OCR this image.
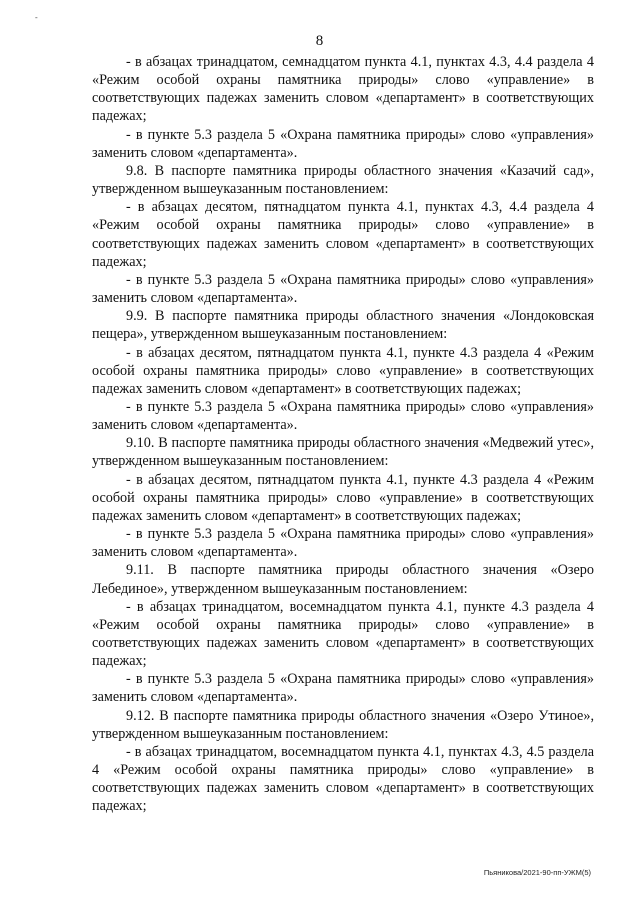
-
8

- в абзацах тринадцатом, семнадцатом пункта 4.1, пунктах 4.3, 4.4 раздела 4 «Режим особой охраны памятника природы» слово «управление» в соответствующих падежах заменить словом «департамент» в соответствующих падежах;

- в пункте 5.3 раздела 5 «Охрана памятника природы» слово «управления» заменить словом «департамента».

9.8. В паспорте памятника природы областного значения «Казачий сад», утвержденном вышеуказанным постановлением:

- в абзацах десятом, пятнадцатом пункта 4.1, пунктах 4.3, 4.4 раздела 4 «Режим особой охраны памятника природы» слово «управление» в соответствующих падежах заменить словом «департамент» в соответствующих падежах;

- в пункте 5.3 раздела 5 «Охрана памятника природы» слово «управления» заменить словом «департамента».

9.9. В паспорте памятника природы областного значения «Лондоковская пещера», утвержденном вышеуказанным постановлением:

- в абзацах десятом, пятнадцатом пункта 4.1, пункте 4.3 раздела 4 «Режим особой охраны памятника природы» слово «управление» в соответствующих падежах заменить словом «департамент» в соответствующих падежах;

- в пункте 5.3 раздела 5 «Охрана памятника природы» слово «управления» заменить словом «департамента».

9.10. В паспорте памятника природы областного значения «Медвежий утес», утвержденном вышеуказанным постановлением:

- в абзацах десятом, пятнадцатом пункта 4.1, пункте 4.3 раздела 4 «Режим особой охраны памятника природы» слово «управление» в соответствующих падежах заменить словом «департамент» в соответствующих падежах;

- в пункте 5.3 раздела 5 «Охрана памятника природы» слово «управления» заменить словом «департамента».

9.11. В паспорте памятника природы областного значения «Озеро Лебединое», утвержденном вышеуказанным постановлением:

- в абзацах тринадцатом, восемнадцатом пункта 4.1, пункте 4.3 раздела 4 «Режим особой охраны памятника природы» слово «управление» в соответствующих падежах заменить словом «департамент» в соответствующих падежах;

- в пункте 5.3 раздела 5 «Охрана памятника природы» слово «управления» заменить словом «департамента».

9.12. В паспорте памятника природы областного значения «Озеро Утиное», утвержденном вышеуказанным постановлением:

- в абзацах тринадцатом, восемнадцатом пункта 4.1, пунктах 4.3, 4.5 раздела 4 «Режим особой охраны памятника природы» слово «управление» в соответствующих падежах заменить словом «департамент» в соответствующих падежах;

Пьяникова/2021-90-пп-УЖМ(5)
